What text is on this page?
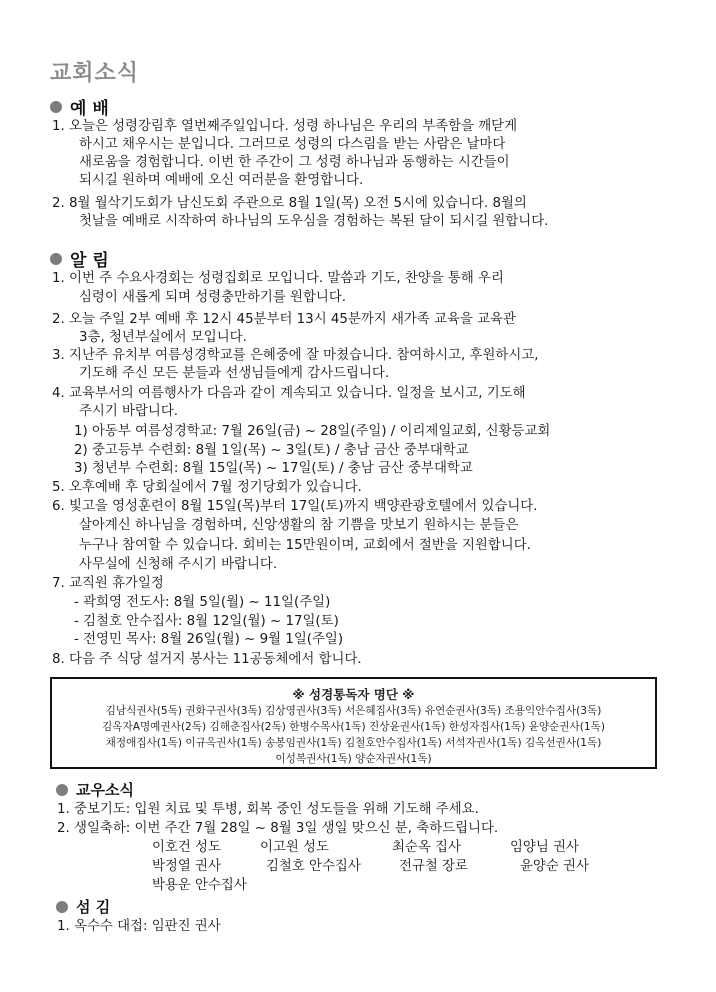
교회소식
예 배
1. 오늘은 성령강림후 열번째주일입니다. 성령 하나님은 우리의 부족함을 깨닫게
하시고 채우시는 분입니다. 그러므로 성령의 다스림을 받는 사람은 날마다
새로움을 경험합니다. 이번 한 주간이 그 성령 하나님과 동행하는 시간들이
되시길 원하며 예배에 오신 여러분을 환영합니다.
2. 8월 월삭기도회가 남신도회 주관으로 8월 1일(목) 오전 5시에 있습니다. 8월의
첫날을 예배로 시작하여 하나님의 도우심을 경험하는 복된 달이 되시길 원합니다.
알 림
1. 이번 주 수요사경회는 성령집회로 모입니다. 말씀과 기도, 찬양을 통해 우리
심령이 새롭게 되며 성령충만하기를 원합니다.
2. 오늘 주일 2부 예배 후 12시 45분부터 13시 45분까지 새가족 교육을 교육관
3층, 청년부실에서 모입니다.
3. 지난주 유치부 여름성경학교를 은혜중에 잘 마쳤습니다. 참여하시고, 후원하시고,
기도해 주신 모든 분들과 선생님들에게 감사드립니다.
4. 교육부서의 여름행사가 다음과 같이 계속되고 있습니다. 일정을 보시고, 기도해
주시기 바랍니다.
1) 아동부 여름성경학교: 7월 26일(금) ~ 28일(주일) / 이리제일교회, 신황등교회
2) 중고등부 수련회: 8월 1일(목) ~ 3일(토) / 충남 금산 중부대학교
3) 청년부 수련회: 8월 15일(목) ~ 17일(토) / 충남 금산 중부대학교
5. 오후예배 후 당회실에서 7월 정기당회가 있습니다.
6. 빛고을 영성훈련이 8월 15일(목)부터 17일(토)까지 백양관광호텔에서 있습니다.
살아계신 하나님을 경험하며, 신앙생활의 참 기쁨을 맛보기 원하시는 분들은
누구나 참여할 수 있습니다. 회비는 15만원이며, 교회에서 절반을 지원합니다.
사무실에 신청해 주시기 바랍니다.
7. 교직원 휴가일정
- 곽희영 전도사: 8월 5일(월) ~ 11일(주일)
- 김철호 안수집사: 8월 12일(월) ~ 17일(토)
- 전영민 목사: 8월 26일(월) ~ 9월 1일(주일)
8. 다음 주 식당 설거지 봉사는 11공동체에서 합니다.
※ 성경통독자 명단 ※
김남식권사(5독) 권화구권사(3독) 김상영권사(3독) 서은혜집사(3독) 유연순권사(3독) 조용익안수집사(3독)
김옥자A명예권사(2독) 김해춘집사(2독) 한병수목사(1독) 진상윤권사(1독) 한성자집사(1독) 윤양순권사(1독)
채정애집사(1독) 이규옥권사(1독) 송봉임권사(1독) 김철호안수집사(1독) 서석자권사(1독) 김옥선권사(1독)
이성복권사(1독) 양순자권사(1독)
교우소식
1. 중보기도: 입원 치료 및 투병, 회복 중인 성도들을 위해 기도해 주세요.
2. 생일축하: 이번 주간 7월 28일 ~ 8월 3일 생일 맞으신 분, 축하드립니다.
이호건 성도	이고원 성도	최순옥 집사	임양님 권사
박정열 권사	김철호 안수집사	전규철 장로	윤양순 권사
박용운 안수집사
섬 김
1. 옥수수 대접: 임판진 권사
